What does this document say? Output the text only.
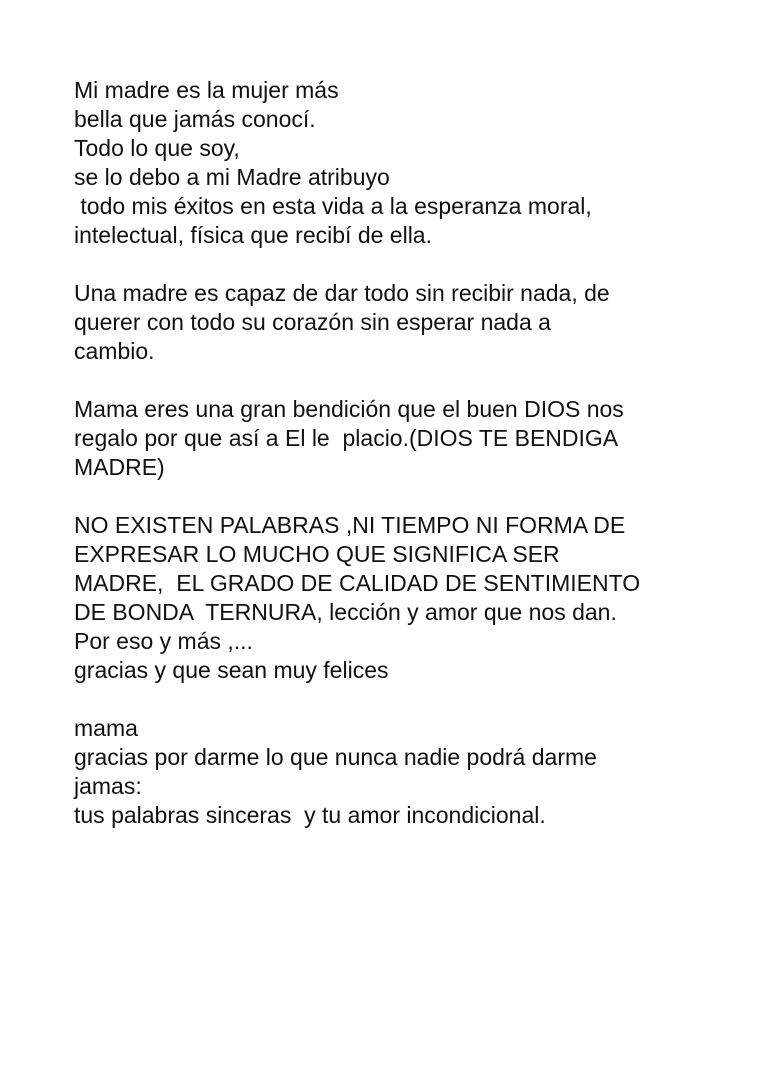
Mi madre es la mujer más
bella que jamás conocí.
Todo lo que soy,
se lo debo a mi Madre atribuyo
todo mis éxitos en esta vida a la esperanza moral,
intelectual, física que recibí de ella.

Una madre es capaz de dar todo sin recibir nada, de
querer con todo su corazón sin esperar nada a
cambio.

Mama eres una gran bendición que el buen DIOS nos
regalo por que así a El le  placio.(DIOS TE BENDIGA
MADRE)

NO EXISTEN PALABRAS ,NI TIEMPO NI FORMA DE
EXPRESAR LO MUCHO QUE SIGNIFICA SER
MADRE,  EL GRADO DE CALIDAD DE SENTIMIENTO
DE BONDA  TERNURA, lección y amor que nos dan.
Por eso y más ,...
gracias y que sean muy felices

mama
gracias por darme lo que nunca nadie podrá darme
jamas:
tus palabras sinceras  y tu amor incondicional.
